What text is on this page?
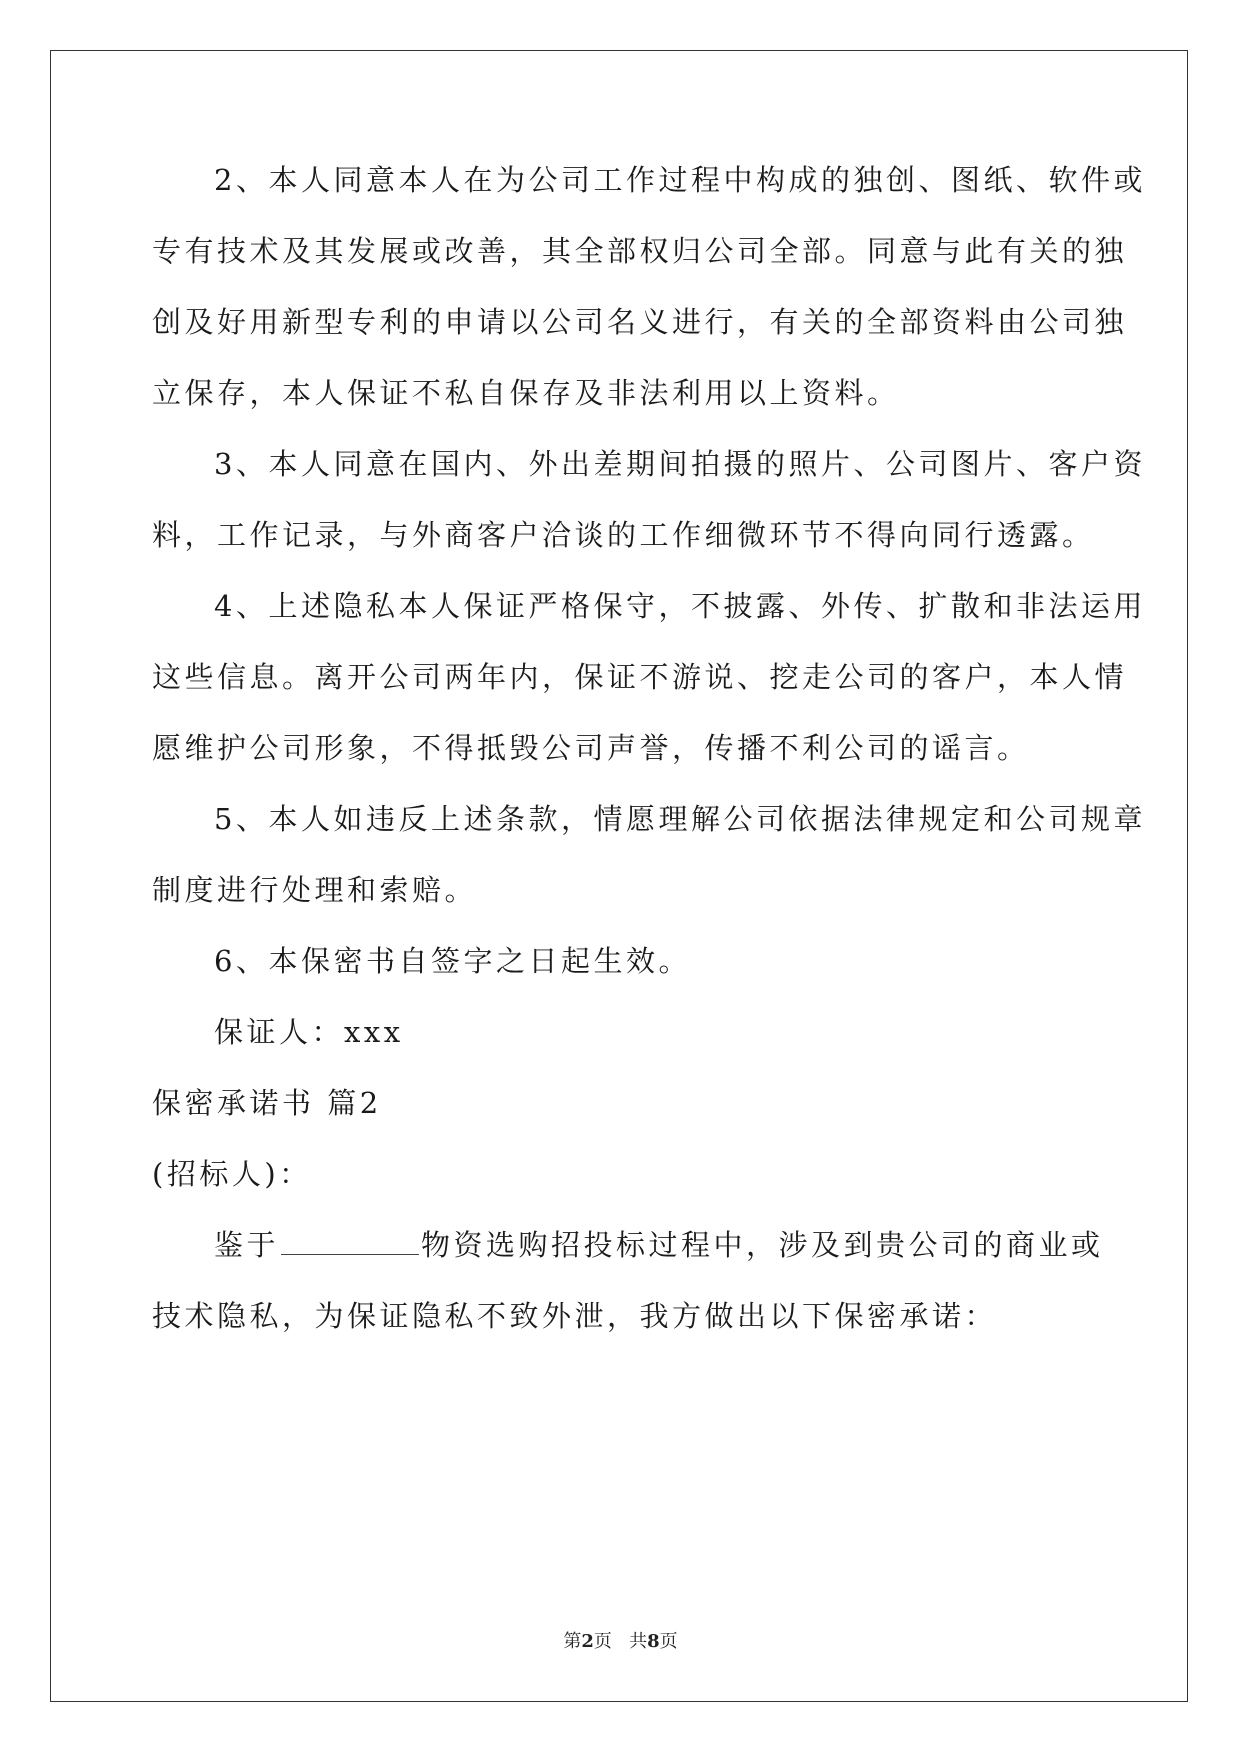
2、本人同意本人在为公司工作过程中构成的独创、图纸、软件或
专有技术及其发展或改善，其全部权归公司全部。同意与此有关的独
创及好用新型专利的申请以公司名义进行，有关的全部资料由公司独
立保存，本人保证不私自保存及非法利用以上资料。
3、本人同意在国内、外出差期间拍摄的照片、公司图片、客户资
料，工作记录，与外商客户洽谈的工作细微环节不得向同行透露。
4、上述隐私本人保证严格保守，不披露、外传、扩散和非法运用
这些信息。离开公司两年内，保证不游说、挖走公司的客户，本人情
愿维护公司形象，不得抵毁公司声誉，传播不利公司的谣言。
5、本人如违反上述条款，情愿理解公司依据法律规定和公司规章
制度进行处理和索赔。
6、本保密书自签字之日起生效。
保证人：xxx
保密承诺书 篇2
(招标人)：
鉴于	物资选购招投标过程中，涉及到贵公司的商业或
技术隐私，为保证隐私不致外泄，我方做出以下保密承诺：
第2页   共8页
